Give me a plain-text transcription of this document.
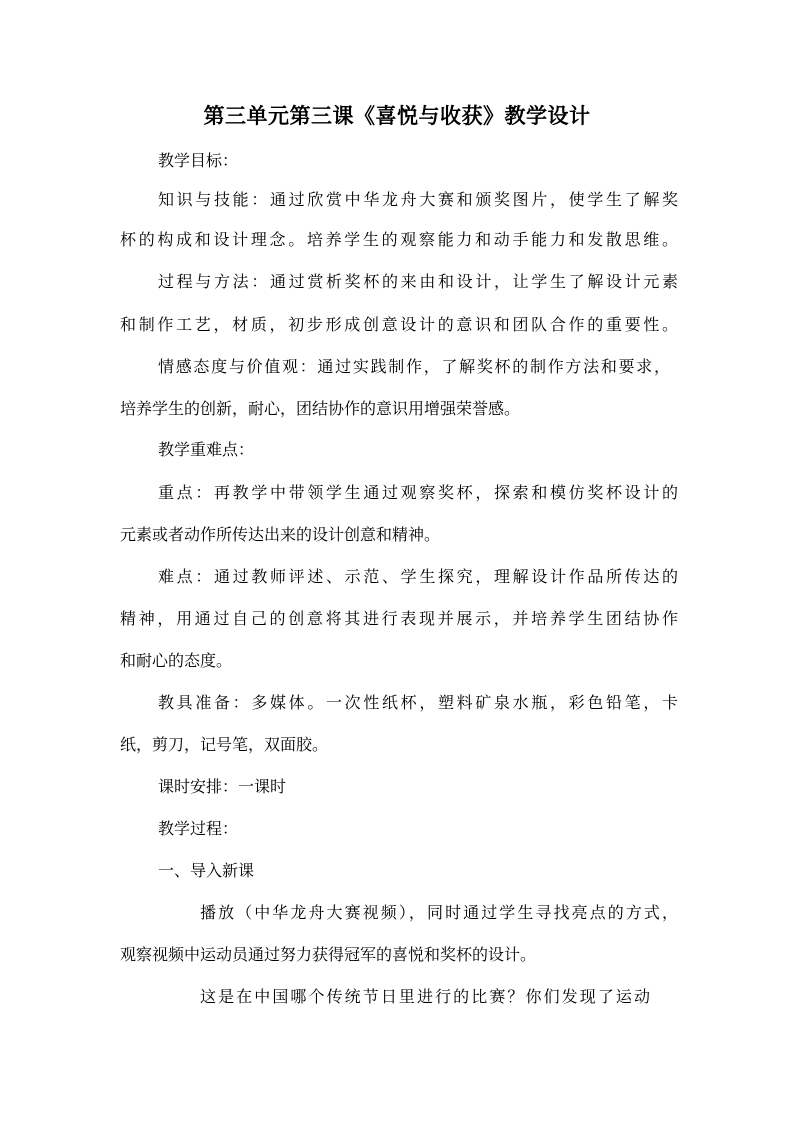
第三单元第三课《喜悦与收获》教学设计
教学目标：
知识与技能：通过欣赏中华龙舟大赛和颁奖图片，使学生了解奖
杯的构成和设计理念。培养学生的观察能力和动手能力和发散思维。
过程与方法：通过赏析奖杯的来由和设计，让学生了解设计元素
和制作工艺，材质，初步形成创意设计的意识和团队合作的重要性。
情感态度与价值观：通过实践制作，了解奖杯的制作方法和要求，
培养学生的创新，耐心，团结协作的意识用增强荣誉感。
教学重难点：
重点：再教学中带领学生通过观察奖杯，探索和模仿奖杯设计的
元素或者动作所传达出来的设计创意和精神。
难点：通过教师评述、示范、学生探究，理解设计作品所传达的
精神，用通过自己的创意将其进行表现并展示，并培养学生团结协作
和耐心的态度。
教具准备：多媒体。一次性纸杯，塑料矿泉水瓶，彩色铅笔，卡
纸，剪刀，记号笔，双面胶。
课时安排：一课时
教学过程：
一、导入新课
播放（中华龙舟大赛视频），同时通过学生寻找亮点的方式，
观察视频中运动员通过努力获得冠军的喜悦和奖杯的设计。
这是在中国哪个传统节日里进行的比赛？你们发现了运动
